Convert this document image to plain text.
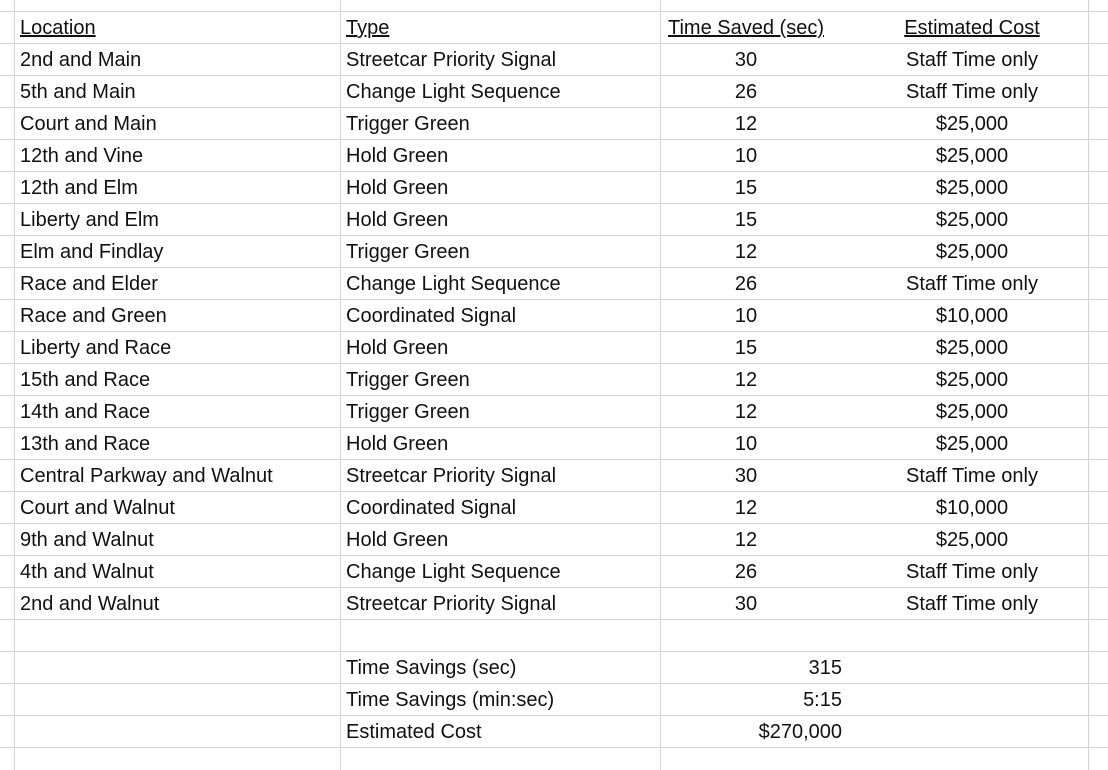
Location	Type	Time Saved (sec)	Estimated Cost
2nd and Main	Streetcar Priority Signal	30	Staff Time only
5th and Main	Change Light Sequence	26	Staff Time only
Court and Main	Trigger Green	12	$25,000
12th and Vine	Hold Green	10	$25,000
12th and Elm	Hold Green	15	$25,000
Liberty and Elm	Hold Green	15	$25,000
Elm and Findlay	Trigger Green	12	$25,000
Race and Elder	Change Light Sequence	26	Staff Time only
Race and Green	Coordinated Signal	10	$10,000
Liberty and Race	Hold Green	15	$25,000
15th and Race	Trigger Green	12	$25,000
14th and Race	Trigger Green	12	$25,000
13th and Race	Hold Green	10	$25,000
Central Parkway and Walnut	Streetcar Priority Signal	30	Staff Time only
Court and Walnut	Coordinated Signal	12	$10,000
9th and Walnut	Hold Green	12	$25,000
4th and Walnut	Change Light Sequence	26	Staff Time only
2nd and Walnut	Streetcar Priority Signal	30	Staff Time only
Time Savings (sec)	315
Time Savings (min:sec)	5:15
Estimated Cost	$270,000
